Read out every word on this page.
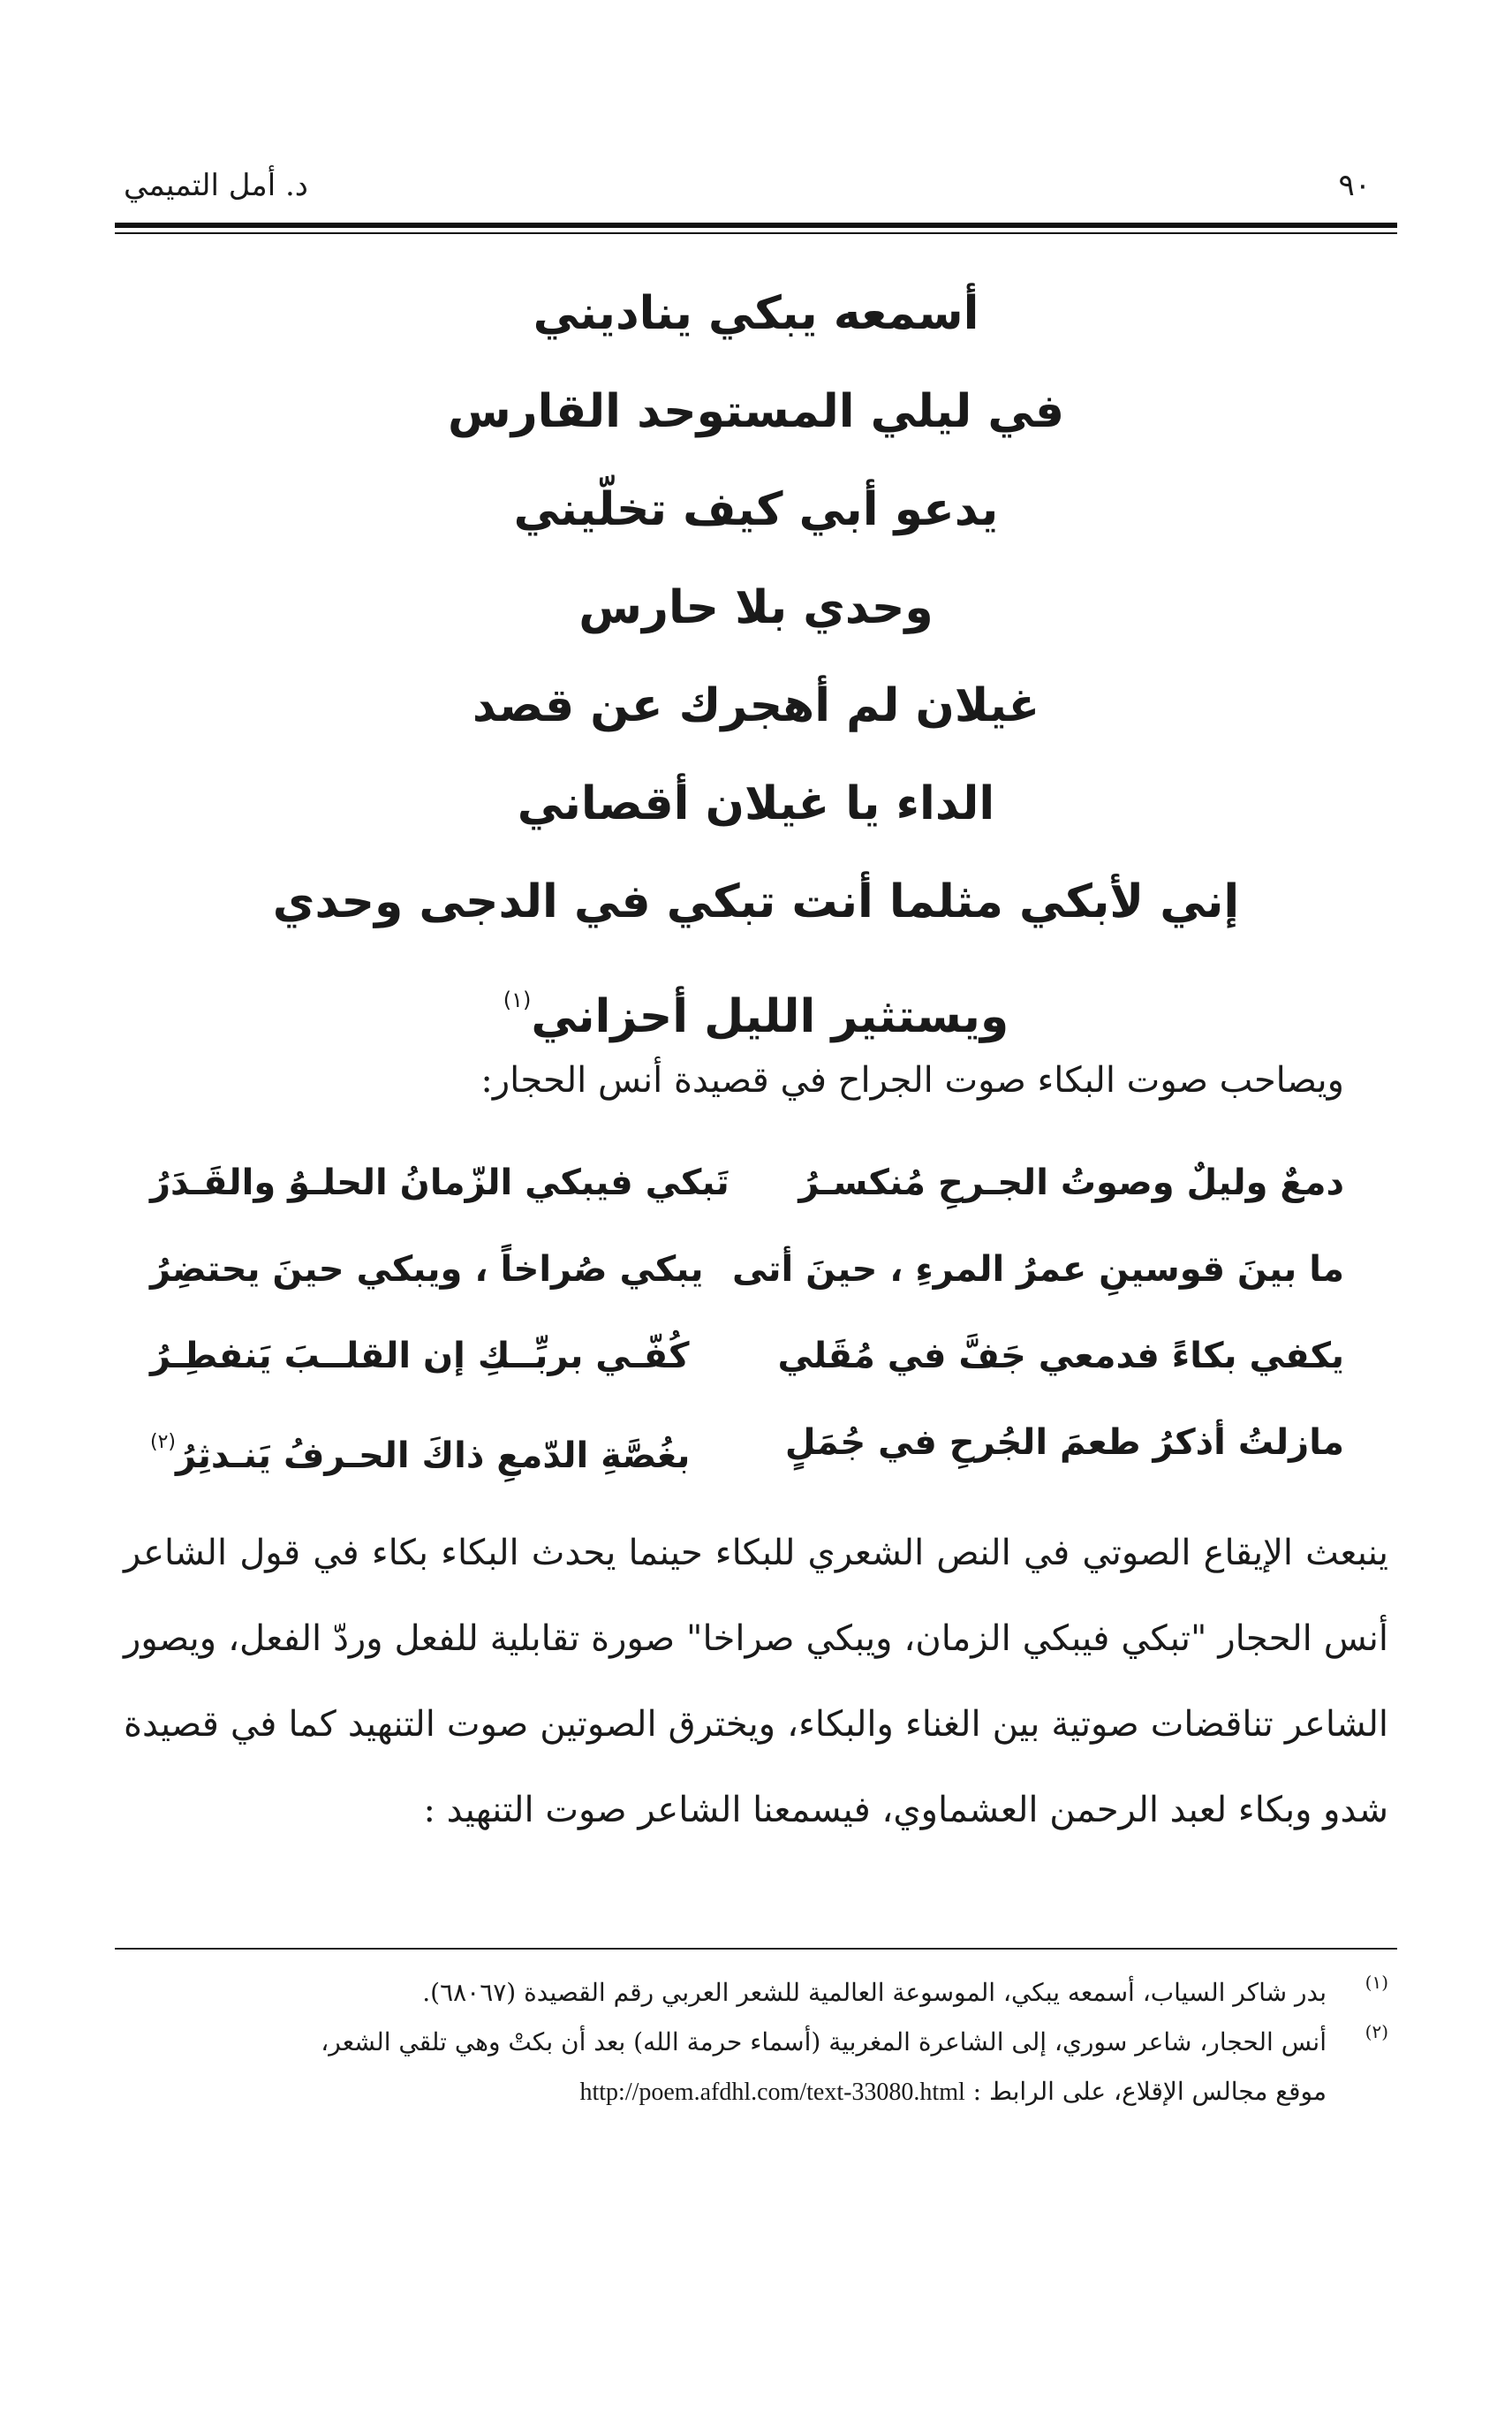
٩٠
د. أمل التميمي
أسمعه يبكي يناديني
في ليلي المستوحد القارس
يدعو أبي كيف تخلّيني
وحدي بلا حارس
غيلان لم أهجرك عن قصد
الداء يا غيلان أقصاني
إني لأبكي مثلما أنت تبكي في الدجى وحدي
ويستثير الليل أحزاني$^{(١)}$
ويصاحب صوت البكاء صوت الجراح في قصيدة أنس الحجار:
دمعٌ وليلٌ وصوتُ الجـرحِ مُنكسـرُ
تَبكي فيبكي الزّمانُ الحلـوُ والقَـدَرُ
ما بينَ قوسينِ عمرُ المرءِ ، حينَ أتى
يبكي صُراخاً ، ويبكي حينَ يحتضِرُ
يكفي بكاءً فدمعي جَفَّ في مُقَلي
كُفّـي بربِّــكِ إن القلــبَ يَنفطِـرُ
مازلتُ أذكرُ طعمَ الجُرحِ في جُمَلٍ
بغُصَّةِ الدّمعِ ذاكَ الحـرفُ يَنـدثِرُ$^{(٢)}$
ينبعث الإيقاع الصوتي في النص الشعري للبكاء حينما يحدث البكاء بكاء في قول الشاعر أنس الحجار "تبكي فيبكي الزمان، ويبكي صراخا" صورة تقابلية للفعل وردّ الفعل، ويصور الشاعر تناقضات صوتية بين الغناء والبكاء، ويخترق الصوتين صوت التنهيد كما في قصيدة شدو وبكاء لعبد الرحمن العشماوي، فيسمعنا الشاعر صوت التنهيد :
(١)
بدر شاكر السياب، أسمعه يبكي، الموسوعة العالمية للشعر العربي رقم القصيدة (٦٨٠٦٧).
(٢)
أنس الحجار، شاعر سوري، إلى الشاعرة المغربية (أسماء حرمة الله) بعد أن بكتْ وهي تلقي الشعر،
موقع مجالس الإقلاع، على الرابط : http://poem.afdhl.com/text-33080.html
